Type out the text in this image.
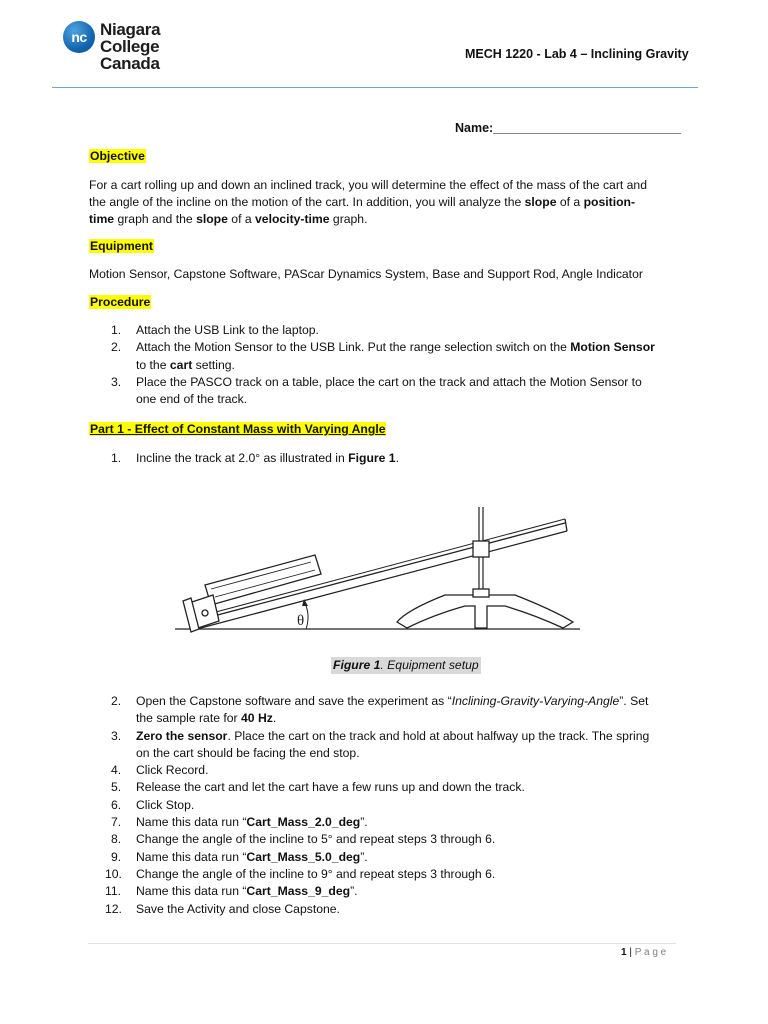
nc Niagara
College
Canada	MECH 1220 - Lab 4 – Inclining Gravity
Name:___________________________
Objective
For a cart rolling up and down an inclined track, you will determine the effect of the mass of the cart and
the angle of the incline on the motion of the cart. In addition, you will analyze the slope of a position-
time graph and the slope of a velocity-time graph.
Equipment
Motion Sensor, Capstone Software, PAScar Dynamics System, Base and Support Rod, Angle Indicator
Procedure
1.	Attach the USB Link to the laptop.
2.	Attach the Motion Sensor to the USB Link. Put the range selection switch on the Motion Sensor
to the cart setting.
3.	Place the PASCO track on a table, place the cart on the track and attach the Motion Sensor to
one end of the track.
Part 1 - Effect of Constant Mass with Varying Angle
1.	Incline the track at 2.0° as illustrated in Figure 1.
θ
Figure 1. Equipment setup
2.	Open the Capstone software and save the experiment as “Inclining-Gravity-Varying-Angle”. Set
the sample rate for 40 Hz.
3.	Zero the sensor. Place the cart on the track and hold at about halfway up the track. The spring
on the cart should be facing the end stop.
4.	Click Record.
5.	Release the cart and let the cart have a few runs up and down the track.
6.	Click Stop.
7.	Name this data run “Cart_Mass_2.0_deg”.
8.	Change the angle of the incline to 5° and repeat steps 3 through 6.
9.	Name this data run “Cart_Mass_5.0_deg”.
10.	Change the angle of the incline to 9° and repeat steps 3 through 6.
11.	Name this data run “Cart_Mass_9_deg”.
12.	Save the Activity and close Capstone.
1 | P a g e
